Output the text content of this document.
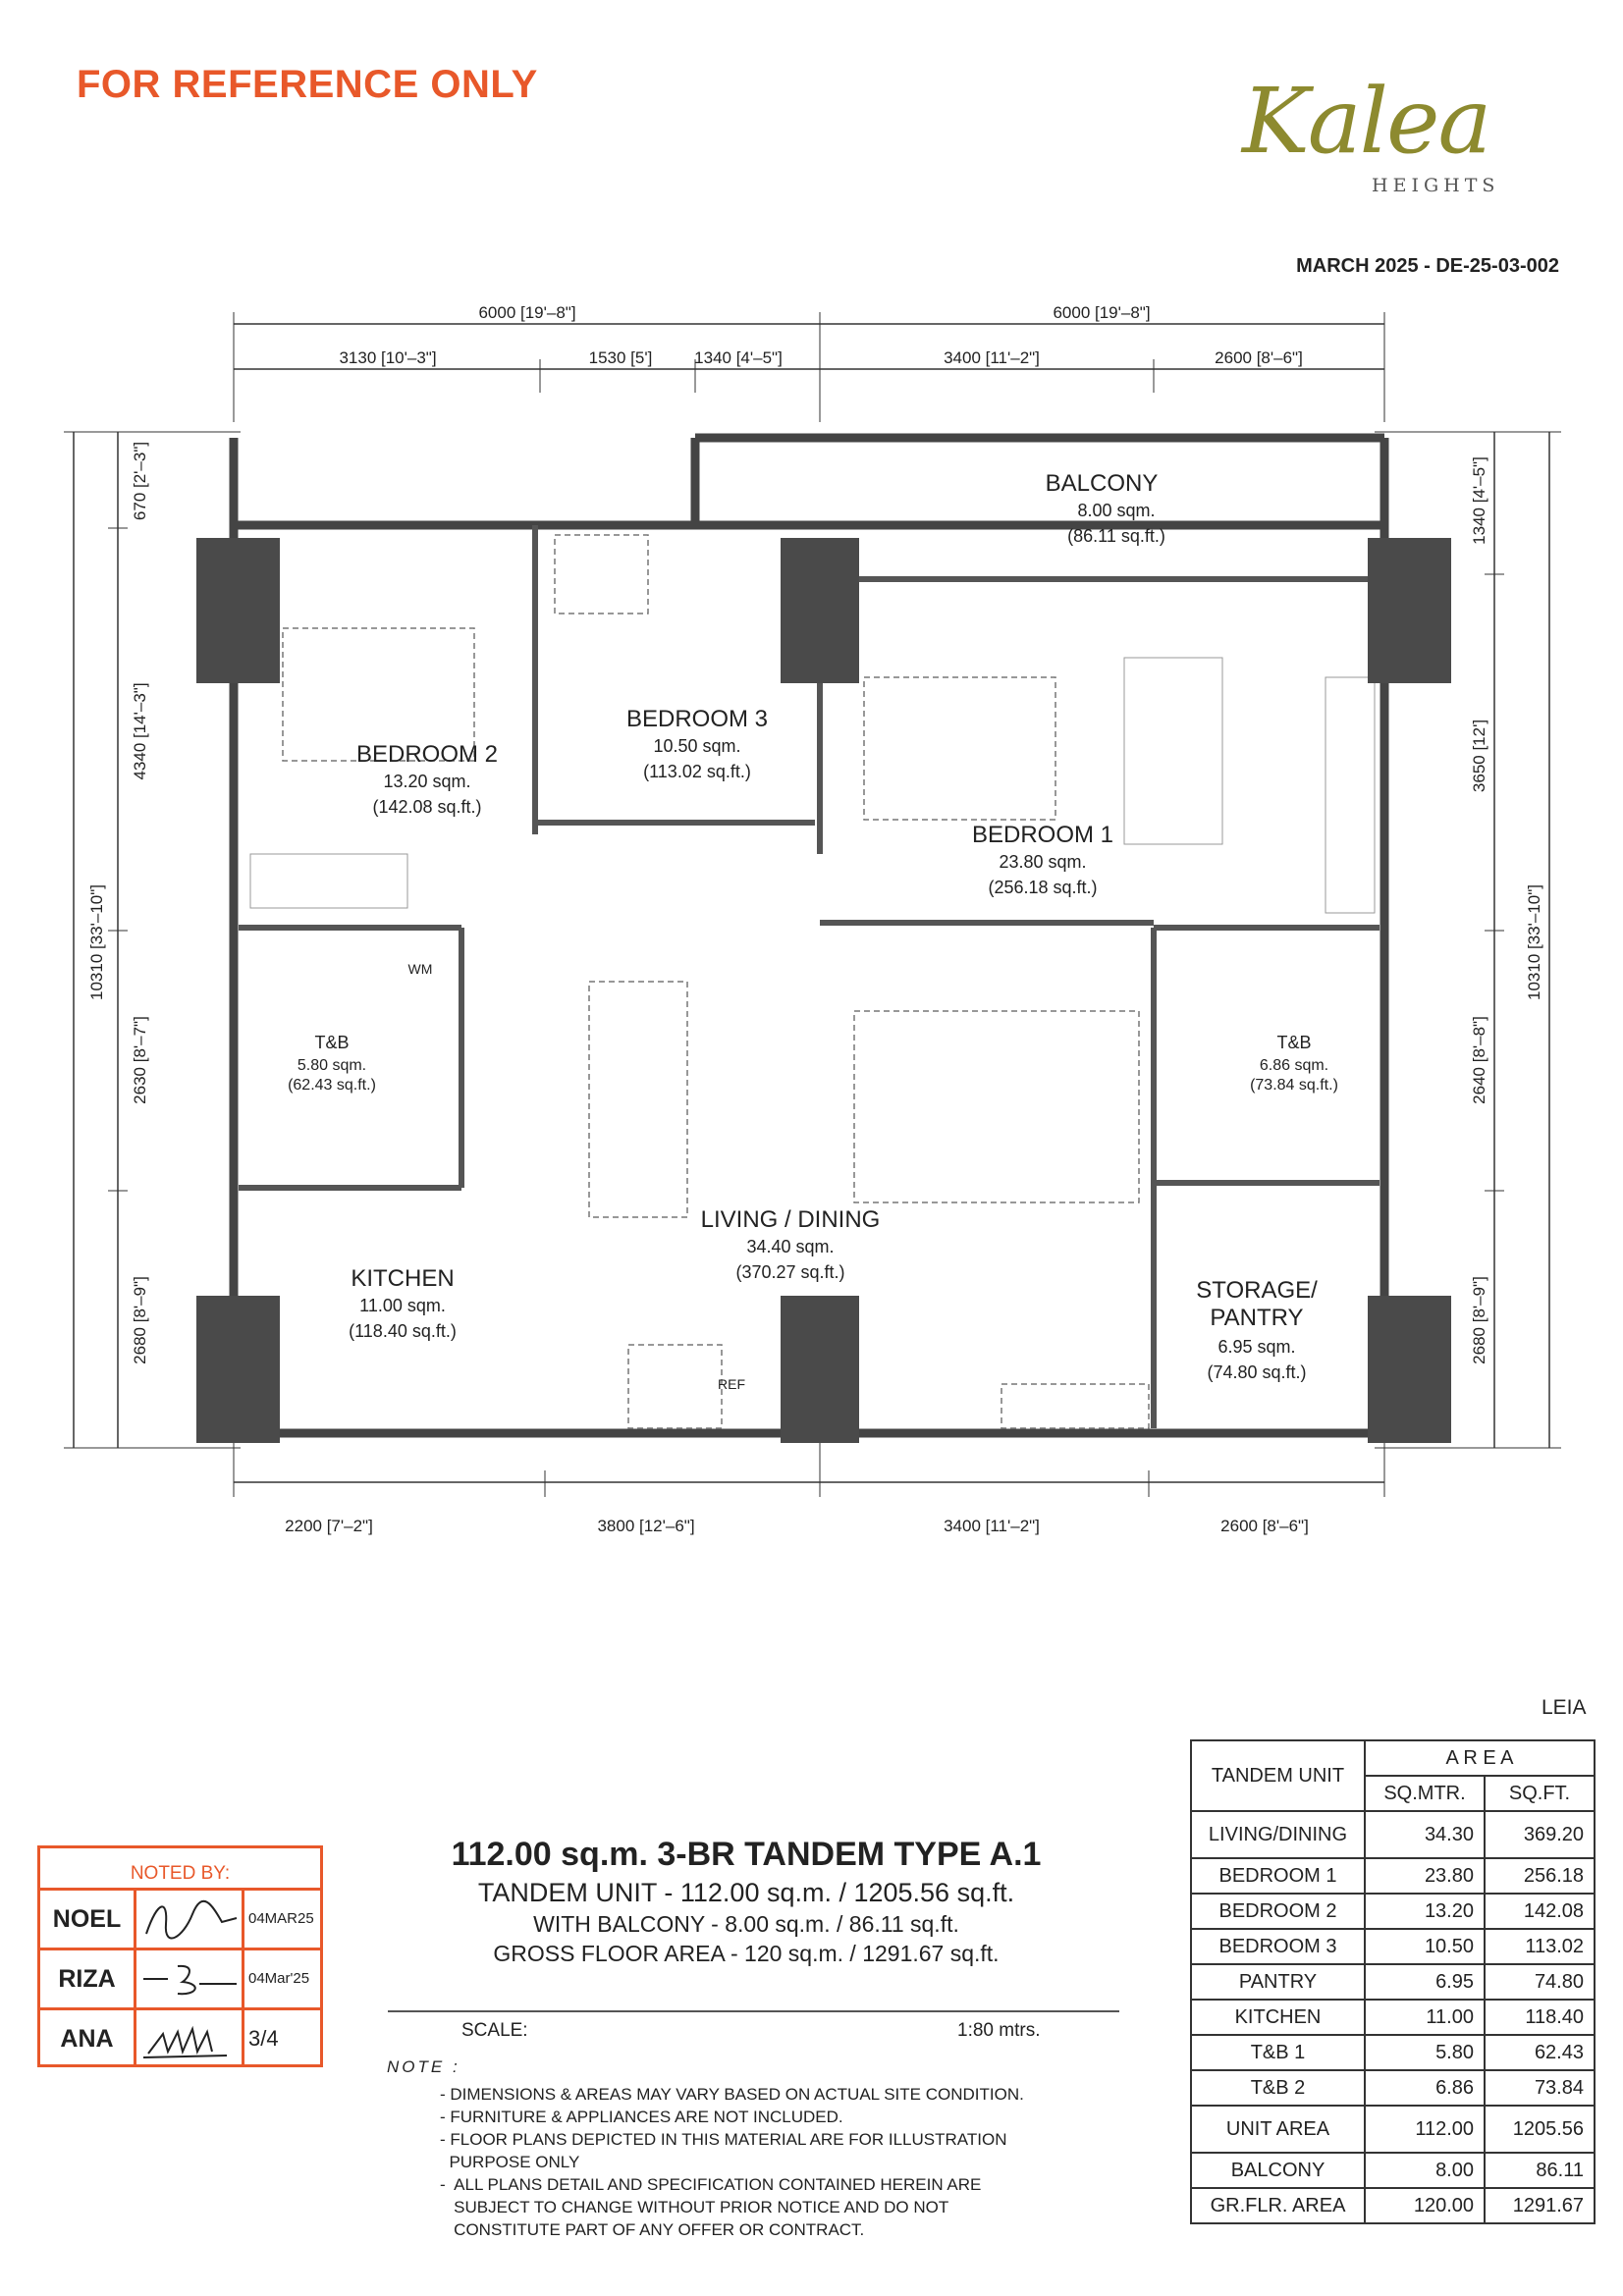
FOR REFERENCE ONLY	Kalea
HEIGHTS
MARCH 2025 - DE-25-03-002
6000 [19'–8"]	6000 [19'–8"]
3130 [10'–3"]	1530 [5']	1340 [4'–5"]	3400 [11'–2"]	2600 [8'–6"]
2200 [7'–2"]	3800 [12'–6"]	3400 [11'–2"]	2600 [8'–6"]
10310 [33'–10"]
670 [2'–3"]
4340 [14'–3"]
2630 [8'–7"]
2680 [8'–9"]
10310 [33'–10"]
1340 [4'–5"]
3650 [12']
2640 [8'–8"]
2680 [8'–9"]
BALCONY
8.00 sqm.
(86.11 sq.ft.)
BEDROOM 2
13.20 sqm.
(142.08 sq.ft.)
BEDROOM 3
10.50 sqm.
(113.02 sq.ft.)
BEDROOM 1
23.80 sqm.
(256.18 sq.ft.)
T&B
5.80 sqm.
(62.43 sq.ft.)
T&B
6.86 sqm.
(73.84 sq.ft.)
LIVING / DINING
34.40 sqm.
(370.27 sq.ft.)
KITCHEN
11.00 sqm.
(118.40 sq.ft.)
STORAGE/
PANTRY
6.95 sqm.
(74.80 sq.ft.)
REF
WM
LEIA
TANDEM UNIT	A R E A	
	SQ.MTR.	SQ.FT.
LIVING/DINING	34.30	369.20
BEDROOM 1	23.80	256.18
BEDROOM 2	13.20	142.08
BEDROOM 3	10.50	113.02
PANTRY	6.95	74.80
KITCHEN	11.00	118.40
T&B 1	5.80	62.43
T&B 2	6.86	73.84
UNIT AREA	112.00	1205.56
BALCONY	8.00	86.11
GR.FLR. AREA	120.00	1291.67
NOTED BY:
NOEL	04MAR25
RIZA	04Mar'25
ANA	3/4
112.00 sq.m. 3-BR TANDEM TYPE A.1
TANDEM UNIT - 112.00 sq.m. / 1205.56 sq.ft.
WITH BALCONY - 8.00 sq.m. / 86.11 sq.ft.
GROSS FLOOR AREA - 120 sq.m. / 1291.67 sq.ft.
SCALE:	1:80 mtrs.
NOTE :
- DIMENSIONS & AREAS MAY VARY BASED ON ACTUAL SITE CONDITION.
- FURNITURE & APPLIANCES ARE NOT INCLUDED.
- FLOOR PLANS DEPICTED IN THIS MATERIAL ARE FOR ILLUSTRATION
PURPOSE ONLY
-  ALL PLANS DETAIL AND SPECIFICATION CONTAINED HEREIN ARE
SUBJECT TO CHANGE WITHOUT PRIOR NOTICE AND DO NOT
CONSTITUTE PART OF ANY OFFER OR CONTRACT.
